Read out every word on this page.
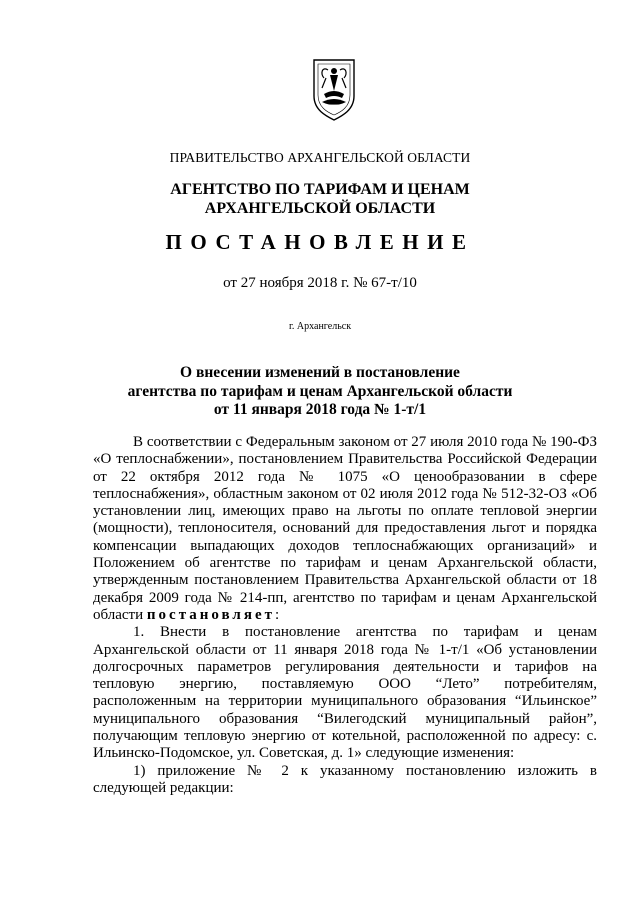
ПРАВИТЕЛЬСТВО АРХАНГЕЛЬСКОЙ ОБЛАСТИ
АГЕНТСТВО ПО ТАРИФАМ И ЦЕНАМ
АРХАНГЕЛЬСКОЙ ОБЛАСТИ
ПОСТАНОВЛЕНИЕ
от 27 ноября 2018 г. № 67-т/10
г. Архангельск
О внесении изменений в постановление
агентства по тарифам и ценам Архангельской области
от 11 января 2018 года № 1-т/1

В соответствии с Федеральным законом от 27 июля 2010 года № 190-ФЗ «О теплоснабжении», постановлением Правительства Российской Федерации от 22 октября 2012 года № 1075 «О ценообразовании в сфере теплоснабжения», областным законом от 02 июля 2012 года № 512-32-ОЗ «Об установлении лиц, имеющих право на льготы по оплате тепловой энергии (мощности), теплоносителя, оснований для предоставления льгот и порядка компенсации выпадающих доходов теплоснабжающих организаций» и Положением об агентстве по тарифам и ценам Архангельской области, утвержденным постановлением Правительства Архангельской области от 18 декабря 2009 года № 214-пп, агентство по тарифам и ценам Архангельской области постановляет:

1. Внести в постановление агентства по тарифам и ценам Архангельской области от 11 января 2018 года № 1-т/1 «Об установлении долгосрочных параметров регулирования деятельности и тарифов на тепловую энергию, поставляемую ООО “Лето” потребителям, расположенным на территории муниципального образования “Ильинское” муниципального образования “Вилегодский муниципальный район”, получающим тепловую энергию от котельной, расположенной по адресу: с. Ильинско-Подомское, ул. Советская, д. 1» следующие изменения:

1) приложение № 2 к указанному постановлению изложить в следующей редакции:
